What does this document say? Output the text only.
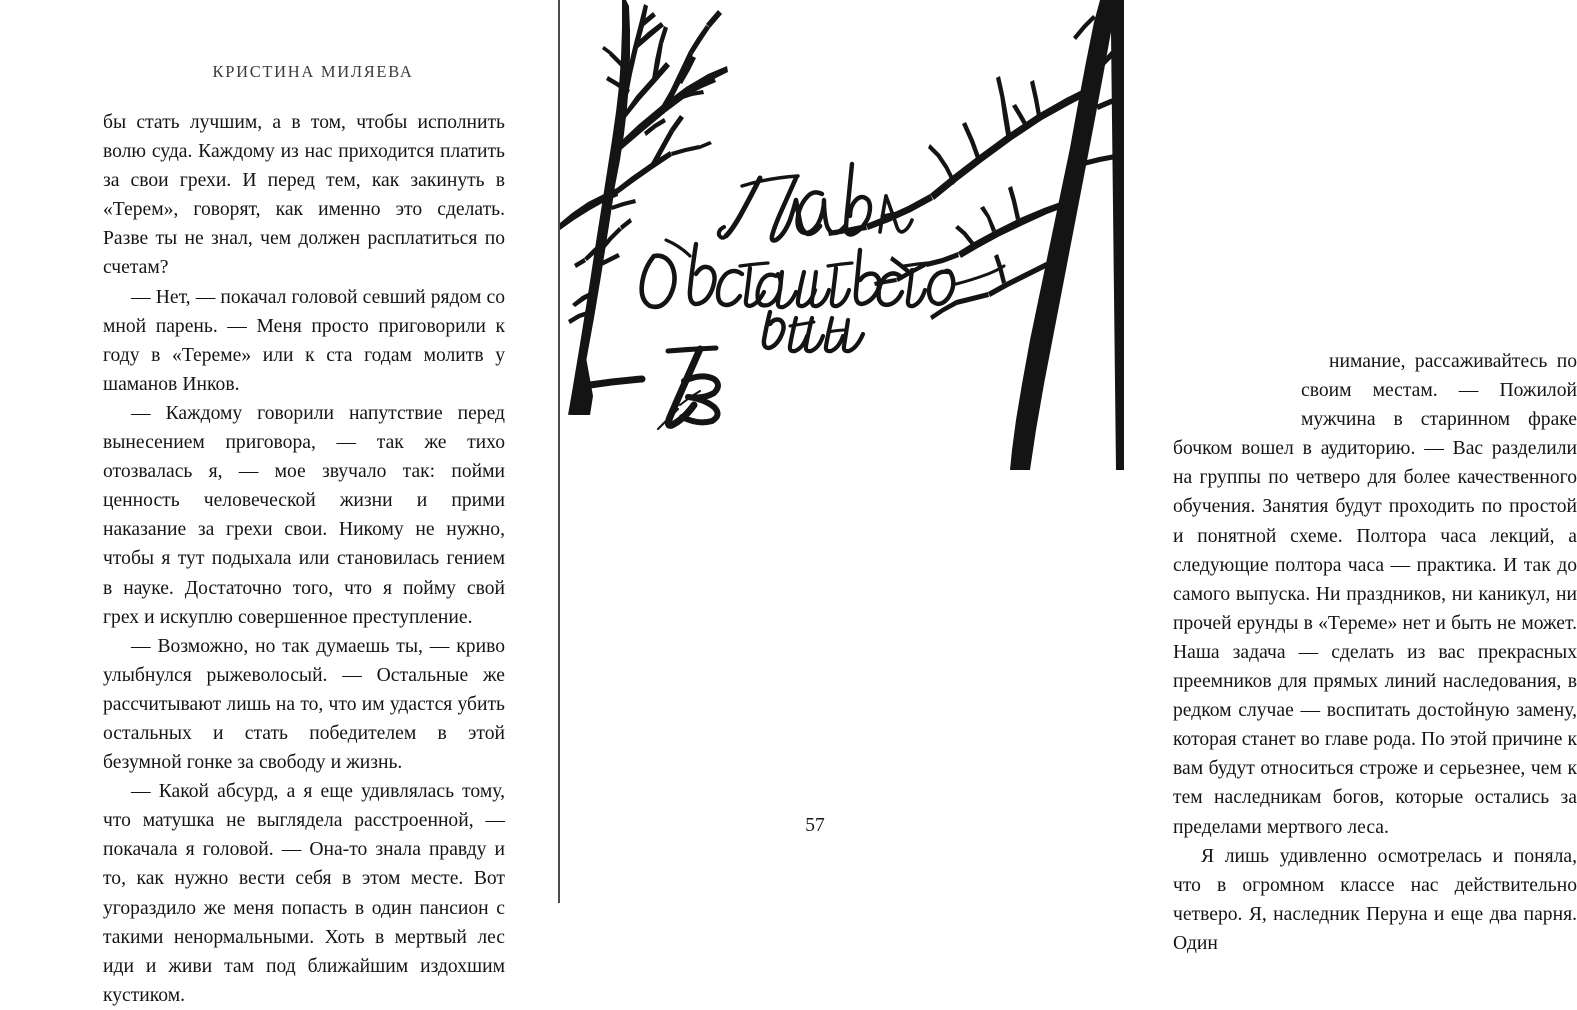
КРИСТИНА МИЛЯЕВА

бы стать лучшим, а в том, чтобы исполнить волю суда. Каждому из нас приходится платить за свои грехи. И перед тем, как закинуть в «Терем», говорят, как именно это сделать. Разве ты не знал, чем должен расплатиться по счетам?

— Нет, — покачал головой севший рядом со мной парень. — Меня просто приговорили к году в «Тереме» или к ста годам молитв у шаманов Инков.

— Каждому говорили напутствие перед вынесением приговора, — так же тихо отозвалась я, — мое звучало так: пойми ценность человеческой жизни и прими наказание за грехи свои. Никому не нужно, чтобы я тут подыхала или становилась гением в науке. Достаточно того, что я пойму свой грех и искуплю совершенное преступление.

— Возможно, но так думаешь ты, — криво улыбнулся рыжеволосый. — Остальные же рассчитывают лишь на то, что им удастся убить остальных и стать победителем в этой безумной гонке за свободу и жизнь.

— Какой абсурд, а я еще удивлялась тому, что матушка не выглядела расстроенной, — покачала я головой. — Она-то знала правду и то, как нужно вести себя в этом месте. Вот угораздило же меня попасть в один пансион с такими ненормальными. Хоть в мертвый лес иди и живи там под ближайшим издохшим кустиком.

нимание, рассаживайтесь по своим местам. — Пожилой мужчина в старинном фраке бочком вошел в аудиторию. — Вас разделили на группы по четверо для более качественного обучения. Занятия будут проходить по простой и понятной схеме. Полтора часа лекций, а следующие полтора часа — практика. И так до самого выпуска. Ни праздников, ни каникул, ни прочей ерунды в «Тереме» нет и быть не может. Наша задача — сделать из вас прекрасных преемников для прямых линий наследования, в редком случае — воспитать достойную замену, которая станет во главе рода. По этой причине к вам будут относиться строже и серьезнее, чем к тем наследникам богов, которые остались за пределами мертвого леса.

Я лишь удивленно осмотрелась и поняла, что в огромном классе нас действительно четверо. Я, наследник Перуна и еще два парня. Один

57
